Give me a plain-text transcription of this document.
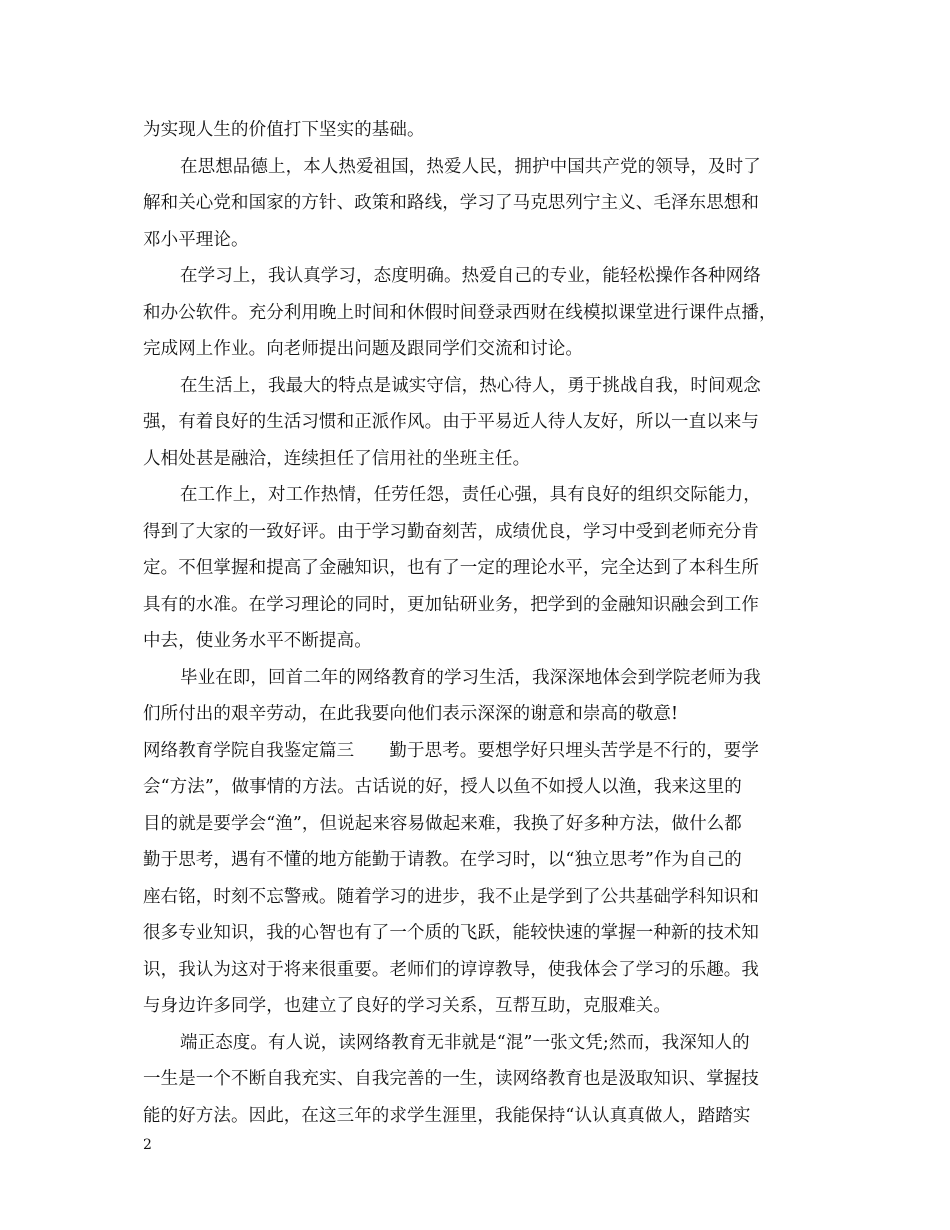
为实现人生的价值打下坚实的基础。
在思想品德上，本人热爱祖国，热爱人民，拥护中国共产党的领导，及时了
解和关心党和国家的方针、政策和路线，学习了马克思列宁主义、毛泽东思想和
邓小平理论。
在学习上，我认真学习，态度明确。热爱自己的专业，能轻松操作各种网络
和办公软件。充分利用晚上时间和休假时间登录西财在线模拟课堂进行课件点播，
完成网上作业。向老师提出问题及跟同学们交流和讨论。
在生活上，我最大的特点是诚实守信，热心待人，勇于挑战自我，时间观念
强，有着良好的生活习惯和正派作风。由于平易近人待人友好，所以一直以来与
人相处甚是融洽，连续担任了信用社的坐班主任。
在工作上，对工作热情，任劳任怨，责任心强，具有良好的组织交际能力，
得到了大家的一致好评。由于学习勤奋刻苦，成绩优良，学习中受到老师充分肯
定。不但掌握和提高了金融知识，也有了一定的理论水平，完全达到了本科生所
具有的水准。在学习理论的同时，更加钻研业务，把学到的金融知识融会到工作
中去，使业务水平不断提高。
毕业在即，回首二年的网络教育的学习生活，我深深地体会到学院老师为我
们所付出的艰辛劳动，在此我要向他们表示深深的谢意和崇高的敬意!
网络教育学院自我鉴定篇三　　勤于思考。要想学好只埋头苦学是不行的，要学
会“方法”，做事情的方法。古话说的好，授人以鱼不如授人以渔，我来这里的
目的就是要学会“渔”，但说起来容易做起来难，我换了好多种方法，做什么都
勤于思考，遇有不懂的地方能勤于请教。在学习时，以“独立思考”作为自己的
座右铭，时刻不忘警戒。随着学习的进步，我不止是学到了公共基础学科知识和
很多专业知识，我的心智也有了一个质的飞跃，能较快速的掌握一种新的技术知
识，我认为这对于将来很重要。老师们的谆谆教导，使我体会了学习的乐趣。我
与身边许多同学，也建立了良好的学习关系，互帮互助，克服难关。
端正态度。有人说，读网络教育无非就是“混”一张文凭;然而，我深知人的
一生是一个不断自我充实、自我完善的一生，读网络教育也是汲取知识、掌握技
能的好方法。因此，在这三年的求学生涯里，我能保持“认认真真做人，踏踏实
2
